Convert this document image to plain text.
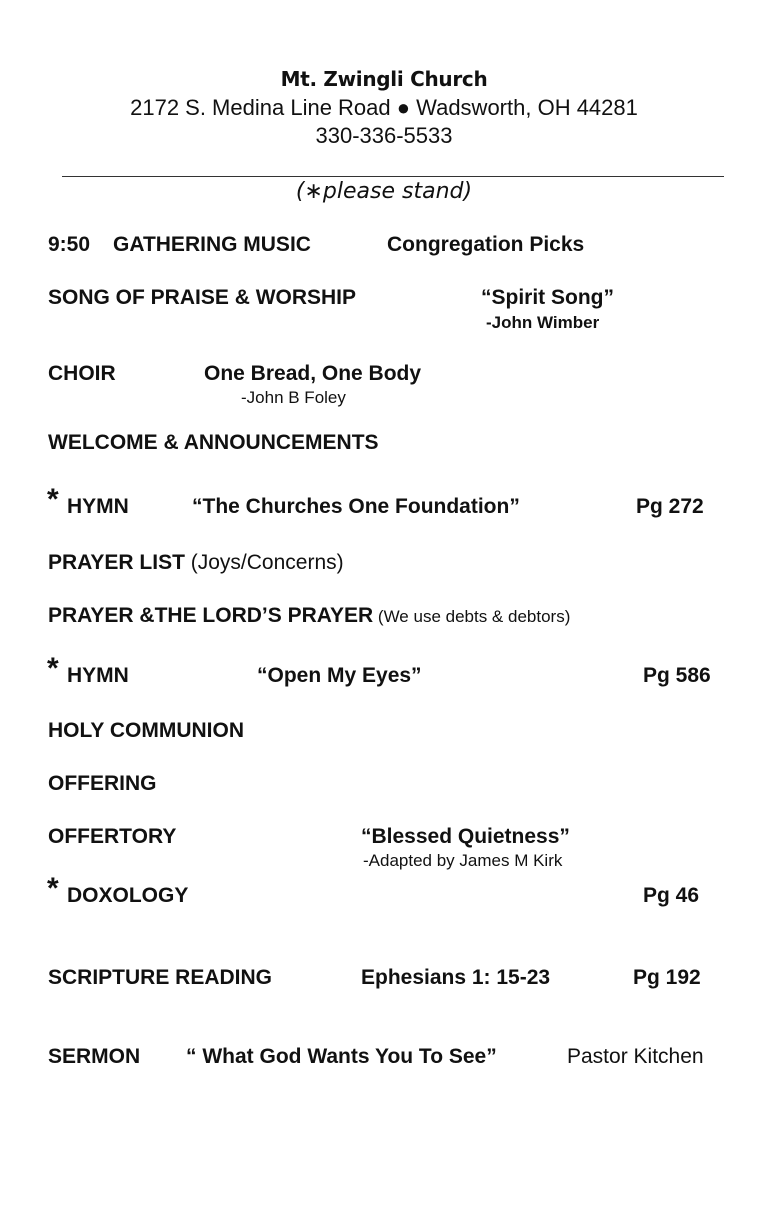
Mt. Zwingli Church
2172 S. Medina Line Road ● Wadsworth, OH 44281
330-336-5533
(∗please stand)
9:50 GATHERING MUSIC	Congregation Picks
SONG OF PRAISE & WORSHIP	“Spirit Song”
-John Wimber
CHOIR	One Bread, One Body
-John B Foley
WELCOME & ANNOUNCEMENTS
* HYMN	“The Churches One Foundation”	Pg 272
PRAYER LIST (Joys/Concerns)
PRAYER &THE LORD’S PRAYER (We use debts & debtors)
* HYMN	“Open My Eyes”	Pg 586
HOLY COMMUNION
OFFERING
OFFERTORY	“Blessed Quietness”
-Adapted by James M Kirk
* DOXOLOGY	Pg 46
SCRIPTURE READING	Ephesians 1: 15-23	Pg 192
SERMON “ What God Wants You To See”	Pastor Kitchen
